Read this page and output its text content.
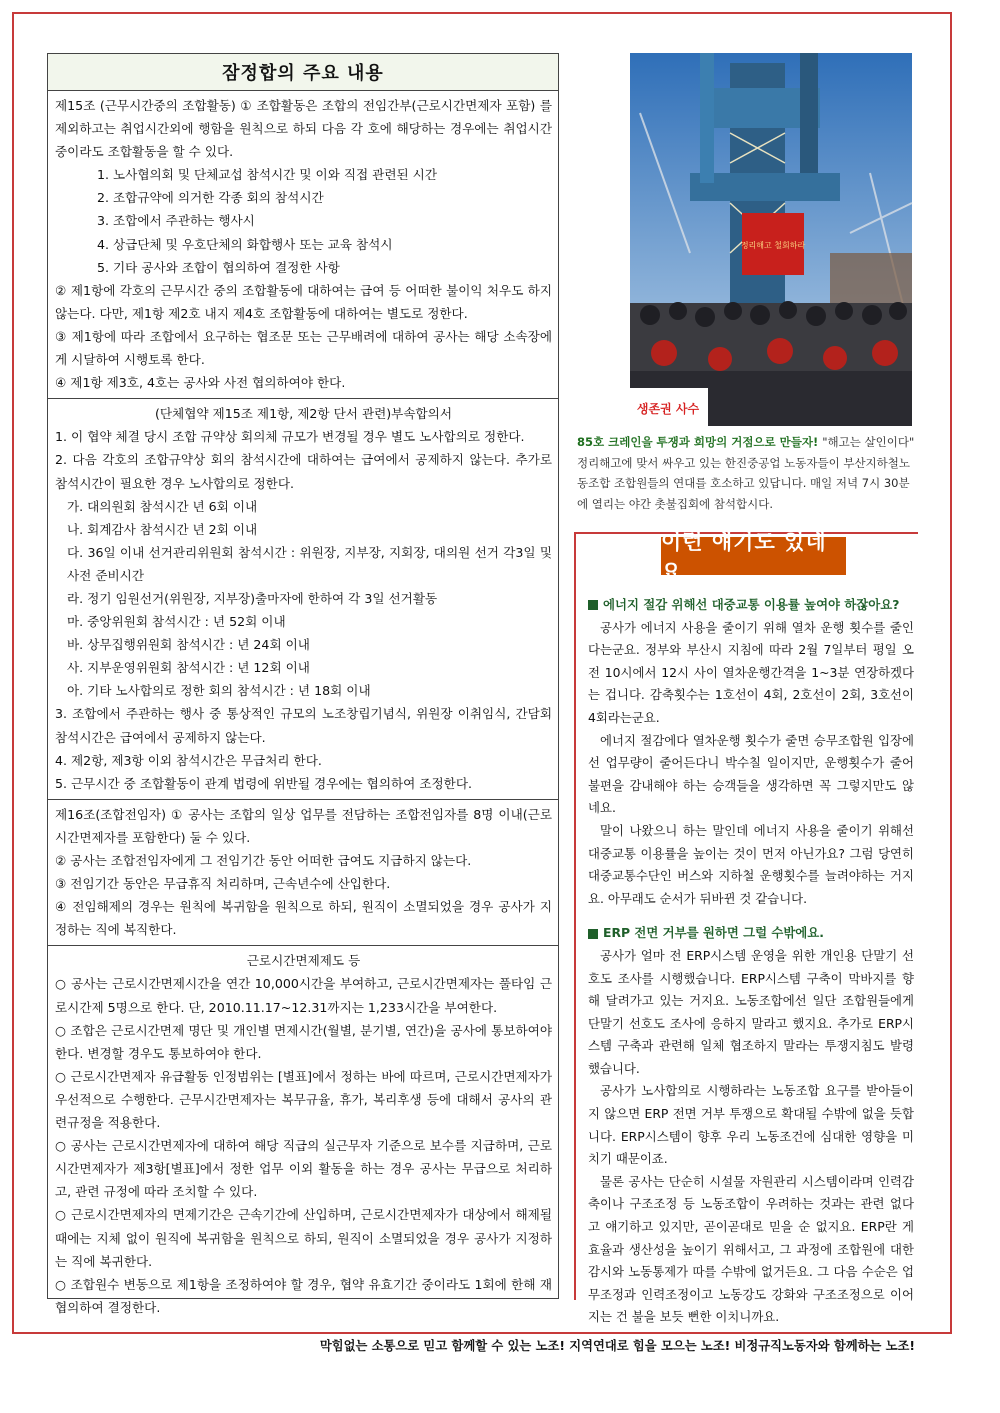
잠정합의 주요 내용

제15조 (근무시간중의 조합활동) ① 조합활동은 조합의 전임간부(근로시간면제자 포함) 를 제외하고는 취업시간외에 행함을 원칙으로 하되 다음 각 호에 해당하는 경우에는 취업시간중이라도 조합활동을 할 수 있다.

1. 노사협의회 및 단체교섭 참석시간 및 이와 직접 관련된 시간

2. 조합규약에 의거한 각종 회의 참석시간

3. 조합에서 주관하는 행사시

4. 상급단체 및 우호단체의 화합행사 또는 교육 참석시

5. 기타 공사와 조합이 협의하여 결정한 사항

② 제1항에 각호의 근무시간 중의 조합활동에 대하여는 급여 등 어떠한 불이익 처우도 하지 않는다. 다만, 제1항 제2호 내지 제4호 조합활동에 대하여는 별도로 정한다.

③ 제1항에 따라 조합에서 요구하는 협조문 또는 근무배려에 대하여 공사는 해당 소속장에게 시달하여 시행토록 한다.

④ 제1항 제3호, 4호는 공사와 사전 협의하여야 한다.

(단체협약 제15조 제1항, 제2항 단서 관련)부속합의서

1. 이 협약 체결 당시 조합 규약상 회의체 규모가 변경될 경우 별도 노사합의로 정한다.

2. 다음 각호의 조합규약상 회의 참석시간에 대하여는 급여에서 공제하지 않는다. 추가로 참석시간이 필요한 경우 노사합의로 정한다.

가. 대의원회 참석시간 년 6회 이내

나. 회계감사 참석시간 년 2회 이내

다. 36일 이내 선거관리위원회 참석시간 : 위원장, 지부장, 지회장, 대의원 선거 각3일 및 사전 준비시간

라. 정기 임원선거(위원장, 지부장)출마자에 한하여 각 3일 선거활동

마. 중앙위원회 참석시간 : 년 52회 이내

바. 상무집행위원회 참석시간 : 년 24회 이내

사. 지부운영위원회 참석시간 : 년 12회 이내

아. 기타 노사합의로 정한 회의 참석시간 : 년 18회 이내

3. 조합에서 주관하는 행사 중 통상적인 규모의 노조창립기념식, 위원장 이취임식, 간담회 참석시간은 급여에서 공제하지 않는다.

4. 제2항, 제3항 이외 참석시간은 무급처리 한다.

5. 근무시간 중 조합활동이 관계 법령에 위반될 경우에는 협의하여 조정한다.

제16조(조합전임자) ① 공사는 조합의 일상 업무를 전담하는 조합전임자를 8명 이내(근로시간면제자를 포함한다) 둘 수 있다.

② 공사는 조합전임자에게 그 전임기간 동안 어떠한 급여도 지급하지 않는다.

③ 전임기간 동안은 무급휴직 처리하며, 근속년수에 산입한다.

④ 전임해제의 경우는 원칙에 복귀함을 원칙으로 하되, 원직이 소멸되었을 경우 공사가 지정하는 직에 복직한다.

근로시간면제제도 등

○ 공사는 근로시간면제시간을 연간 10,000시간을 부여하고, 근로시간면제자는 풀타임 근로시간제 5명으로 한다. 단, 2010.11.17~12.31까지는 1,233시간을 부여한다.

○ 조합은 근로시간면제 명단 및 개인별 면제시간(월별, 분기별, 연간)을 공사에 통보하여야 한다. 변경할 경우도 통보하여야 한다.

○ 근로시간면제자 유급활동 인정범위는 [별표]에서 정하는 바에 따르며, 근로시간면제자가 우선적으로 수행한다. 근무시간면제자는 복무규율, 휴가, 복리후생 등에 대해서 공사의 관련규정을 적용한다.

○ 공사는 근로시간면제자에 대하여 해당 직급의 실근무자 기준으로 보수를 지급하며, 근로시간면제자가 제3항[별표]에서 정한 업무 이외 활동을 하는 경우 공사는 무급으로 처리하고, 관련 규정에 따라 조치할 수 있다.

○ 근로시간면제자의 면제기간은 근속기간에 산입하며, 근로시간면제자가 대상에서 해제될 때에는 지체 없이 원직에 복귀함을 원칙으로 하되, 원직이 소멸되었을 경우 공사가 지정하는 직에 복귀한다.

○ 조합원수 변동으로 제1항을 조정하여야 할 경우, 협약 유효기간 중이라도 1회에 한해 재협의하여 결정한다.

정리해고 철회하라
생존권 사수
85호 크레인을 투쟁과 희망의 거점으로 만들자! "해고는 살인이다" 정리해고에 맞서 싸우고 있는 한진중공업 노동자들이 부산지하철노동조합 조합원들의 연대를 호소하고 있답니다. 매일 저녁 7시 30분에 열리는 야간 촛불집회에 참석합시다.
이런 얘기도 있네요

에너지 절감 위해선 대중교통 이용률 높여야 하잖아요?

공사가 에너지 사용을 줄이기 위해 열차 운행 횟수를 줄인다는군요. 정부와 부산시 지침에 따라 2월 7일부터 평일 오전 10시에서 12시 사이 열차운행간격을 1~3분 연장하겠다는 겁니다. 감축횟수는 1호선이 4회, 2호선이 2회, 3호선이 4회라는군요.

에너지 절감에다 열차운행 횟수가 줄면 승무조합원 입장에선 업무량이 줄어든다니 박수칠 일이지만, 운행횟수가 줄어 불편을 감내해야 하는 승객들을 생각하면 꼭 그렇지만도 않네요.

말이 나왔으니 하는 말인데 에너지 사용을 줄이기 위해선 대중교통 이용률을 높이는 것이 먼저 아닌가요? 그럼 당연히 대중교통수단인 버스와 지하철 운행횟수를 늘려야하는 거지요. 아무래도 순서가 뒤바뀐 것 같습니다.

ERP 전면 거부를 원하면 그럴 수밖에요.

공사가 얼마 전 ERP시스템 운영을 위한 개인용 단말기 선호도 조사를 시행했습니다. ERP시스템 구축이 막바지를 향해 달려가고 있는 거지요. 노동조합에선 일단 조합원들에게 단말기 선호도 조사에 응하지 말라고 했지요. 추가로 ERP시스템 구축과 관련해 일체 협조하지 말라는 투쟁지침도 발령했습니다.

공사가 노사합의로 시행하라는 노동조합 요구를 받아들이지 않으면 ERP 전면 거부 투쟁으로 확대될 수밖에 없을 듯합니다. ERP시스템이 향후 우리 노동조건에 심대한 영향을 미치기 때문이죠.

물론 공사는 단순히 시설물 자원관리 시스템이라며 인력감축이나 구조조정 등 노동조합이 우려하는 것과는 관련 없다고 얘기하고 있지만, 곧이곧대로 믿을 순 없지요. ERP란 게 효율과 생산성을 높이기 위해서고, 그 과정에 조합원에 대한 감시와 노동통제가 따를 수밖에 없거든요. 그 다음 수순은 업무조정과 인력조정이고 노동강도 강화와 구조조정으로 이어지는 건 불을 보듯 뻔한 이치니까요.

막힘없는 소통으로 믿고 함께할 수 있는 노조! 지역연대로 힘을 모으는 노조! 비정규직노동자와 함께하는 노조!
